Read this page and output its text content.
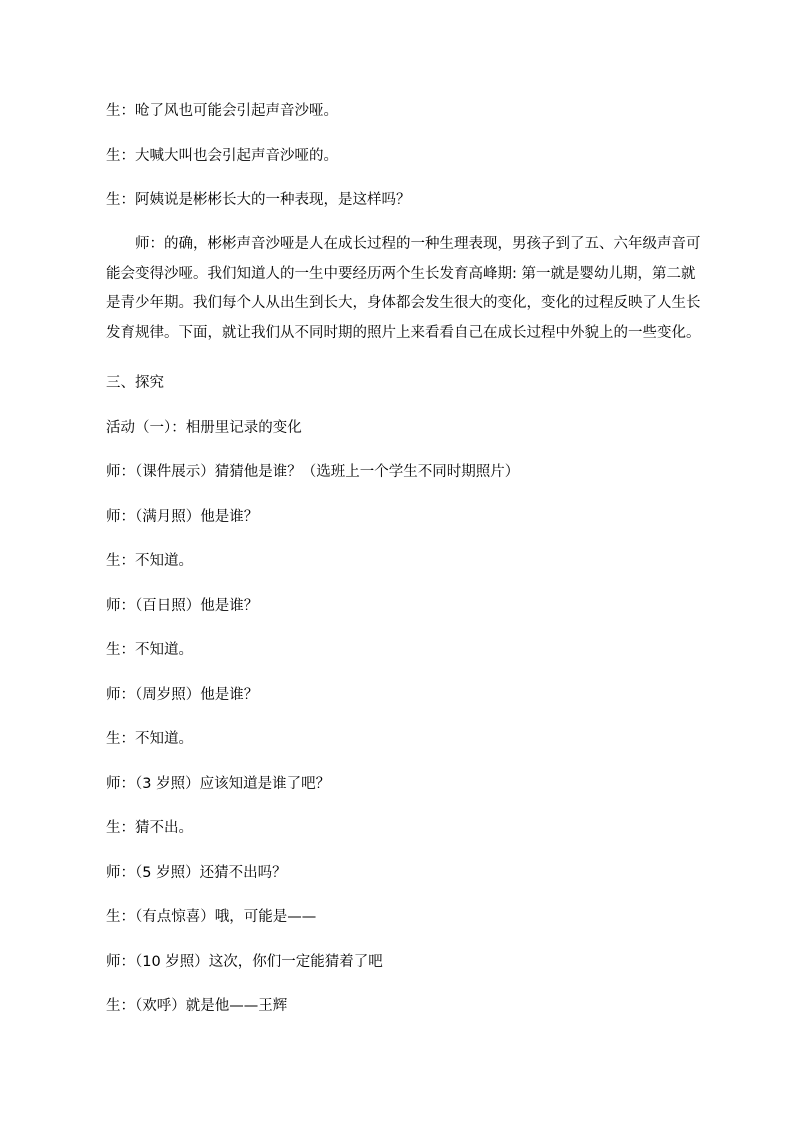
生：呛了风也可能会引起声音沙哑。
生：大喊大叫也会引起声音沙哑的。
生：阿姨说是彬彬长大的一种表现，是这样吗？
师：的确，彬彬声音沙哑是人在成长过程的一种生理表现，男孩子到了五、六年级声音可
能会变得沙哑。我们知道人的一生中要经历两个生长发育高峰期: 第一就是婴幼儿期，第二就
是青少年期。我们每个人从出生到长大，身体都会发生很大的变化，变化的过程反映了人生长
发育规律。下面，就让我们从不同时期的照片上来看看自己在成长过程中外貌上的一些变化。
三、探究
活动（一）：相册里记录的变化
师：（课件展示）猜猜他是谁？（选班上一个学生不同时期照片）
师：（满月照）他是谁？
生：不知道。
师：（百日照）他是谁？
生：不知道。
师：（周岁照）他是谁？
生：不知道。
师：（3 岁照）应该知道是谁了吧？
生：猜不出。
师：（5 岁照）还猜不出吗？
生：（有点惊喜）哦，可能是——
师：（10 岁照）这次，你们一定能猜着了吧
生：（欢呼）就是他——王辉
